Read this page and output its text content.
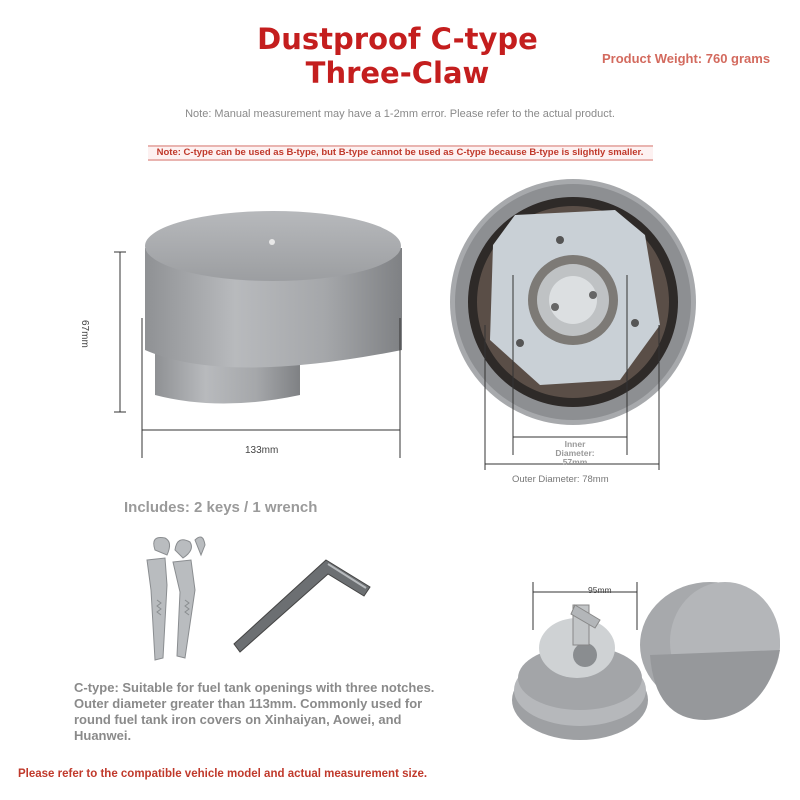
Dustproof C-type
Three-Claw	Product Weight: 760 grams
Note: Manual measurement may have a 1-2mm error. Please refer to the actual product.
Note: C-type can be used as B-type, but B-type cannot be used as C-type because B-type is slightly smaller.
67mm
133mm
Inner
Diameter:
57mm
Outer Diameter: 78mm
Includes: 2 keys / 1 wrench
95mm
C-type: Suitable for fuel tank openings with three notches.
Outer diameter greater than 113mm. Commonly used for
round fuel tank iron covers on Xinhaiyan, Aowei, and
Huanwei.
Please refer to the compatible vehicle model and actual measurement size.
